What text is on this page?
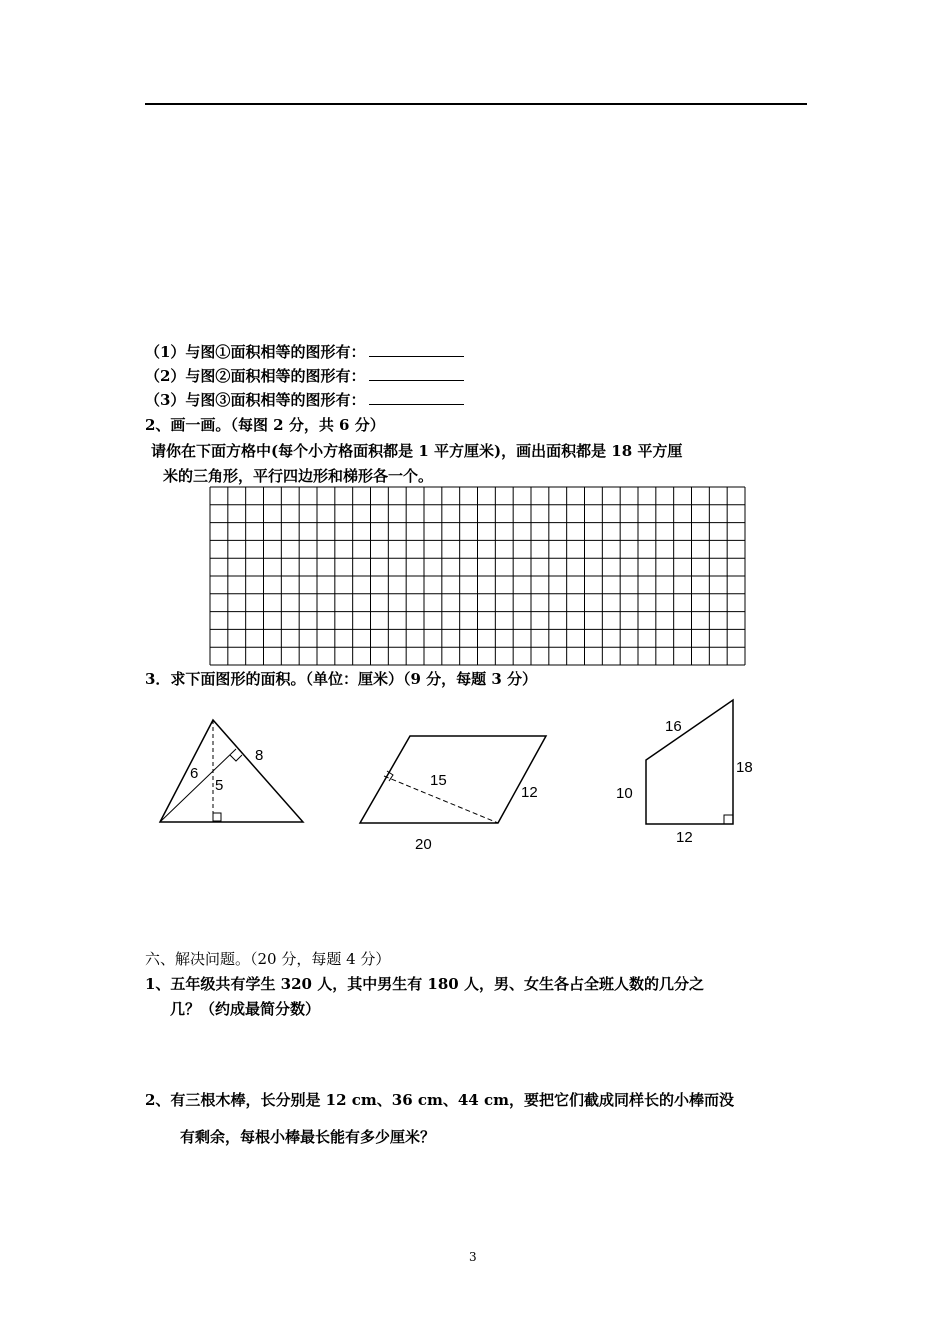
（1）与图①面积相等的图形有：
（2）与图②面积相等的图形有：
（3）与图③面积相等的图形有：
2、画一画。（每图 2 分，共 6 分）
请你在下面方格中(每个小方格面积都是 1 平方厘米)，画出面积都是 18 平方厘
米的三角形，平行四边形和梯形各一个。
3．求下面图形的面积。（单位：厘米）（9 分，每题 3 分）
6
5
8
15
12
20
16
18
10
12
六、解决问题。（20 分，每题 4 分）
1、五年级共有学生 320 人，其中男生有 180 人，男、女生各占全班人数的几分之
几？（约成最简分数）
2、有三根木棒，长分别是 12 cm、36 cm、44 cm，要把它们截成同样长的小棒而没
有剩余，每根小棒最长能有多少厘米？
3
